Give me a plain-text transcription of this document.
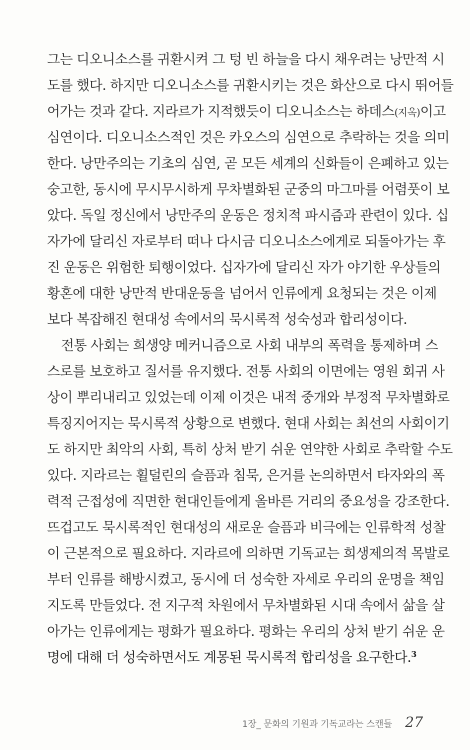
그는 디오니소스를 귀환시켜 그 텅 빈 하늘을 다시 채우려는 낭만적 시
도를 했다. 하지만 디오니소스를 귀환시키는 것은 화산으로 다시 뛰어들
어가는 것과 같다. 지라르가 지적했듯이 디오니소스는 하데스(지옥)이고
심연이다. 디오니소스적인 것은 카오스의 심연으로 추락하는 것을 의미
한다. 낭만주의는 기초의 심연, 곧 모든 세계의 신화들이 은폐하고 있는
숭고한, 동시에 무시무시하게 무차별화된 군중의 마그마를 어렴풋이 보
았다. 독일 정신에서 낭만주의 운동은 정치적 파시즘과 관련이 있다. 십
자가에 달리신 자로부터 떠나 다시금 디오니소스에게로 되돌아가는 후
진 운동은 위험한 퇴행이었다. 십자가에 달리신 자가 야기한 우상들의
황혼에 대한 낭만적 반대운동을 넘어서 인류에게 요청되는 것은 이제
보다 복잡해진 현대성 속에서의 묵시록적 성숙성과 합리성이다.
전통 사회는 희생양 메커니즘으로 사회 내부의 폭력을 통제하며 스
스로를 보호하고 질서를 유지했다. 전통 사회의 이면에는 영원 회귀 사
상이 뿌리내리고 있었는데 이제 이것은 내적 중개와 부정적 무차별화로
특징지어지는 묵시록적 상황으로 변했다. 현대 사회는 최선의 사회이기
도 하지만 최악의 사회, 특히 상처 받기 쉬운 연약한 사회로 추락할 수도
있다. 지라르는 횔덜린의 슬픔과 침묵, 은거를 논의하면서 타자와의 폭
력적 근접성에 직면한 현대인들에게 올바른 거리의 중요성을 강조한다.
뜨겁고도 묵시록적인 현대성의 새로운 슬픔과 비극에는 인류학적 성찰
이 근본적으로 필요하다. 지라르에 의하면 기독교는 희생제의적 목발로
부터 인류를 해방시켰고, 동시에 더 성숙한 자세로 우리의 운명을 책임
지도록 만들었다. 전 지구적 차원에서 무차별화된 시대 속에서 삶을 살
아가는 인류에게는 평화가 필요하다. 평화는 우리의 상처 받기 쉬운 운
명에 대해 더 성숙하면서도 계몽된 묵시록적 합리성을 요구한다.$^3$
1장_ 문화의 기원과 기독교라는 스캔들 27
